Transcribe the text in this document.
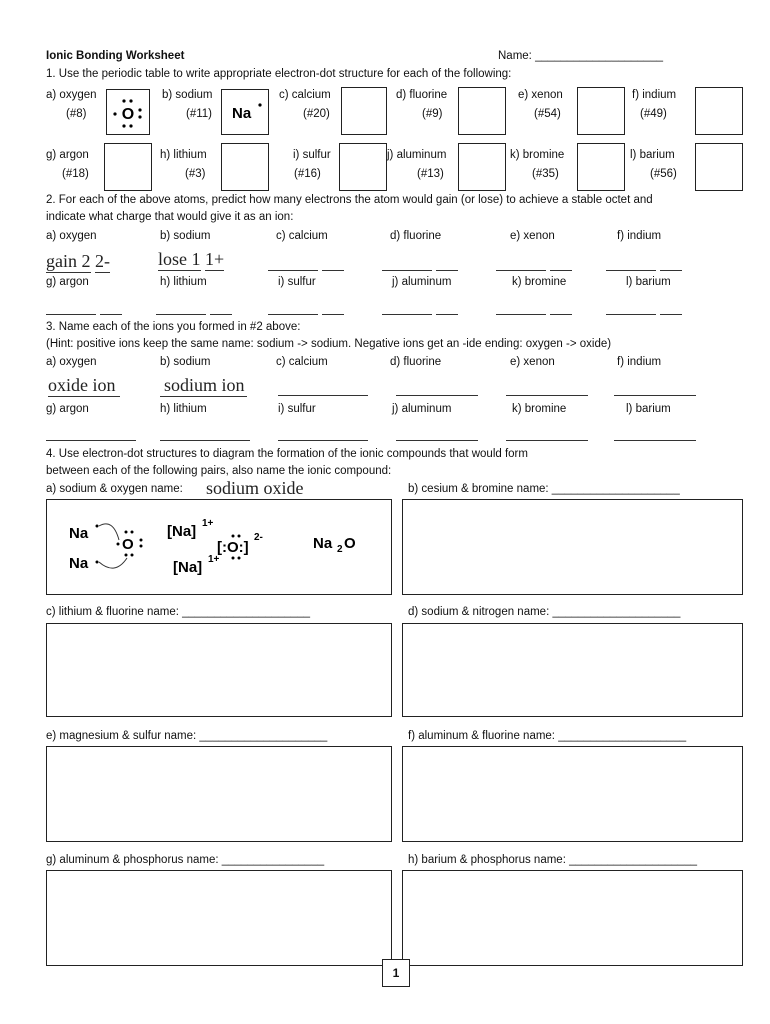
Ionic Bonding Worksheet	Name: ____________________
1. Use the periodic table to write appropriate electron-dot structure for each of the following:
a) oxygen
(#8) O
b) sodium
(#11) Na
c) calcium
(#20)
d) fluorine
(#9)
e) xenon
(#54)
f) indium
(#49)
g) argon
(#18)
h) lithium
(#3)
i) sulfur
(#16)
j) aluminum
(#13)
k) bromine
(#35)
l) barium
(#56)
2. For each of the above atoms, predict how many electrons the atom would gain (or lose) to achieve a stable octet and
indicate what charge that would give it as an ion:
a) oxygen	b) sodium	c) calcium	d) fluorine	e) xenon	f) indium
gain 2 2-	lose 1 1+
g) argon	h) lithium	i) sulfur	j) aluminum	k) bromine	l) barium
3. Name each of the ions you formed in #2 above:
(Hint: positive ions keep the same name: sodium -> sodium. Negative ions get an -ide ending: oxygen -> oxide)
a) oxygen	b) sodium	c) calcium	d) fluorine	e) xenon	f) indium
oxide ion	sodium ion
g) argon	h) lithium	i) sulfur	j) aluminum	k) bromine	l) barium
4. Use electron-dot structures to diagram the formation of the ionic compounds that would form
between each of the following pairs, also name the ionic compound:
a) sodium & oxygen name: sodium oxide
Na
Na
O
[Na] 1+
[Na] 1+
[:O:]
2-	Na 2 O
b) cesium & bromine name: ____________________
c) lithium & fluorine name: ____________________	d) sodium & nitrogen name: ____________________
e) magnesium & sulfur name: ____________________	f) aluminum & fluorine name: ____________________
g) aluminum & phosphorus name: ________________	h) barium & phosphorus name: ____________________
1
